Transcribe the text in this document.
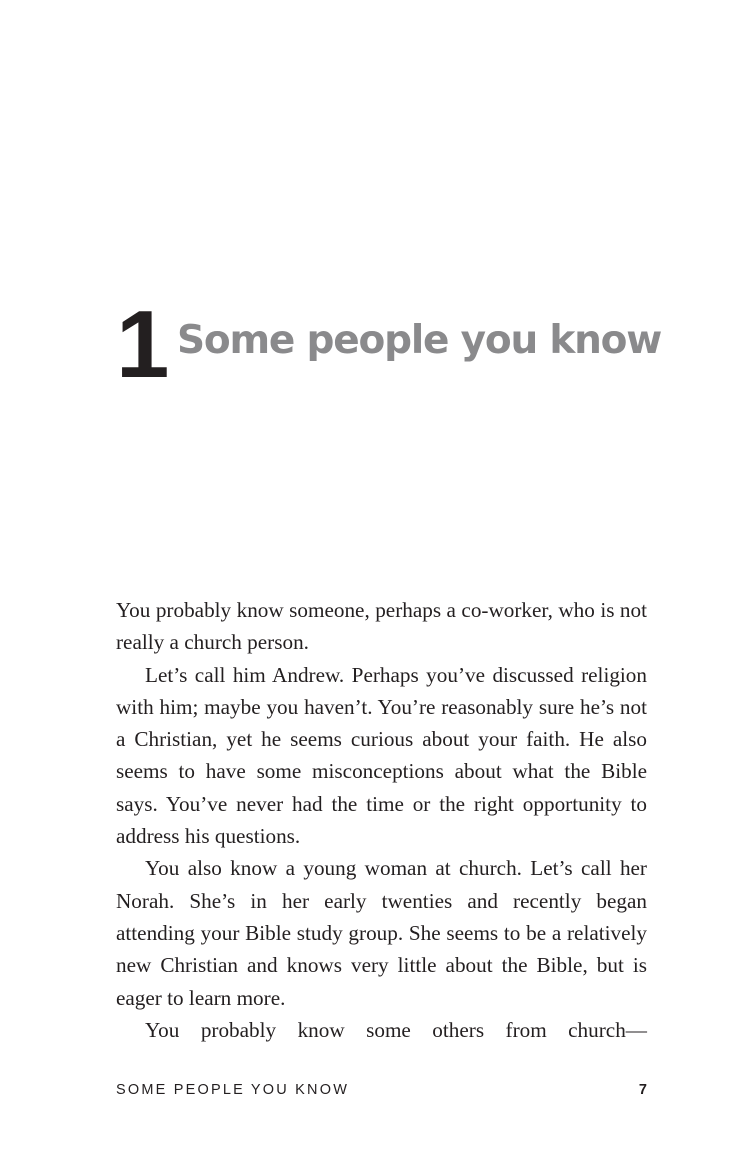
1 Some people you know

You probably know someone, perhaps a co-worker, who is not really a church person.

Let’s call him Andrew. Perhaps you’ve discussed religion with him; maybe you haven’t. You’re reasonably sure he’s not a Christian, yet he seems curious about your faith. He also seems to have some misconceptions about what the Bible says. You’ve never had the time or the right opportunity to address his questions.

You also know a young woman at church. Let’s call her Norah. She’s in her early twenties and recently began attending your Bible study group. She seems to be a relatively new Christian and knows very little about the Bible, but is eager to learn more.

You probably know some others from church—

SOME PEOPLE YOU KNOW	7
